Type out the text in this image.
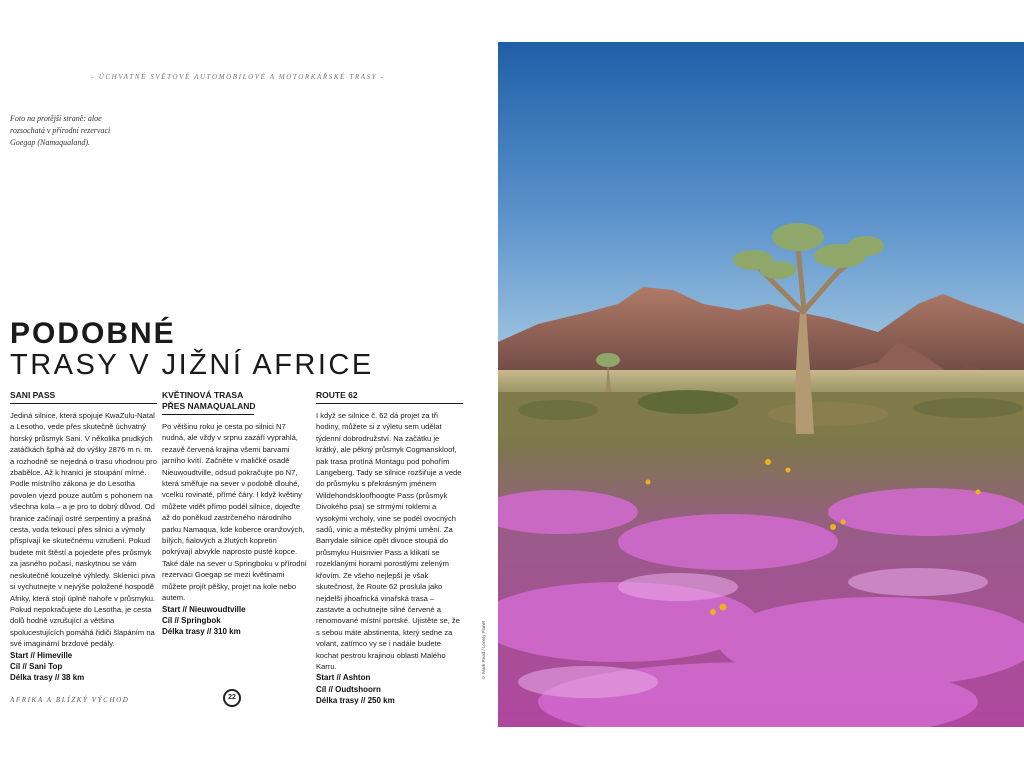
- ÚCHVATNÉ SVĚTOVÉ AUTOMOBILOVÉ A MOTORKÁŘSKÉ TRASY -
Foto na protější straně: aloe rozsochatá v přírodní rezervaci Goegap (Namaqualand).
PODOBNÉ
TRASY V JIŽNÍ AFRICE
SANI PASS

Jediná silnice, která spojuje KwaZulu-Natal a Lesotho, vede přes skutečně úchvatný horský průsmyk Sani. V několika prudkých zatáčkách šplhá až do výšky 2876 m n. m. a rozhodně se nejedná o trasu vhodnou pro zbabělce. Až k hranici je stoupání mírné. Podle místního zákona je do Lesotha povolen vjezd pouze autům s pohonem na všechna kola – a je pro to dobrý důvod. Od hranice začínají ostré serpentiny a prašná cesta, voda tekoucí přes silnici a výmoly přispívají ke skutečnému vzrušení. Pokud budete mít štěstí a pojedete přes průsmyk za jasného počasí, naskytnou se vám neskutečně kouzelné výhledy. Sklenici piva si vychutnejte v nejvýše položené hospodě Afriky, která stojí úplně nahoře v průsmyku. Pokud nepokračujete do Lesotha, je cesta dolů hodně vzrušující a většina spolucestujících pomáhá řidiči šlapáním na své imaginární brzdové pedály.

Start // Himeville
Cíl // Sani Top
Délka trasy // 38 km
KVĚTINOVÁ TRASA
PŘES NAMAQUALAND

Po většinu roku je cesta po silnici N7 nudná, ale vždy v srpnu zazáří vyprahlá, rezavě červená krajina všemi barvami jarního kvítí. Začněte v maličké osadě Nieuwoudtville, odsud pokračujte po N7, která směřuje na sever v podobě dlouhé, vcelku rovinaté, přímé čáry. I když květiny můžete vidět přímo podél silnice, dojeďte až do poněkud zastrčeného národního parku Namaqua, kde koberce oranžových, bílých, fialových a žlutých kopretin pokrývají abvykle naprosto pusté kopce. Také dále na sever u Springboku v přírodní rezervaci Goegap se mezi květinami můžete projít pěšky, projet na kole nebo autem.

Start // Nieuwoudtville
Cíl // Springbok
Délka trasy // 310 km
ROUTE 62

I když se silnice č. 62 dá projet za tři hodiny, můžete si z výletu sem udělat týdenní dobrodružství. Na začátku je krátký, ale pěkný průsmyk Cogmanskloof, pak trasa protíná Montagu pod pohořím Langeberg. Tady se silnice rozšiřuje a vede do průsmyku s překrásným jménem Wildehondskloofhoogte Pass (průsmyk Divokého psa) se strmými roklemi a vysokými vrcholy, vine se podél ovocných sadů, vinic a městečky plnými umění. Za Barrydale silnice opět divoce stoupá do průsmyku Huisrivier Pass a klikatí se rozeklanými horami porostlými zeleným křovím. Ze všeho nejlepší je však skutečnost, že Route 62 proslula jako nejdelší jihoafrická vinařská trasa – zastavte a ochutnejte silné červené a renomované místní portské. Ujistěte se, že s sebou máte abstinenta, který sedne za volant, zatímco vy se i nadále budete kochat pestrou krajinou oblasti Malého Karru.

Start // Ashton
Cíl // Oudtshoorn
Délka trasy // 250 km
AFRIKA A BLÍZKÝ VÝCHOD	22
© Mark Read / Lonely Planet
